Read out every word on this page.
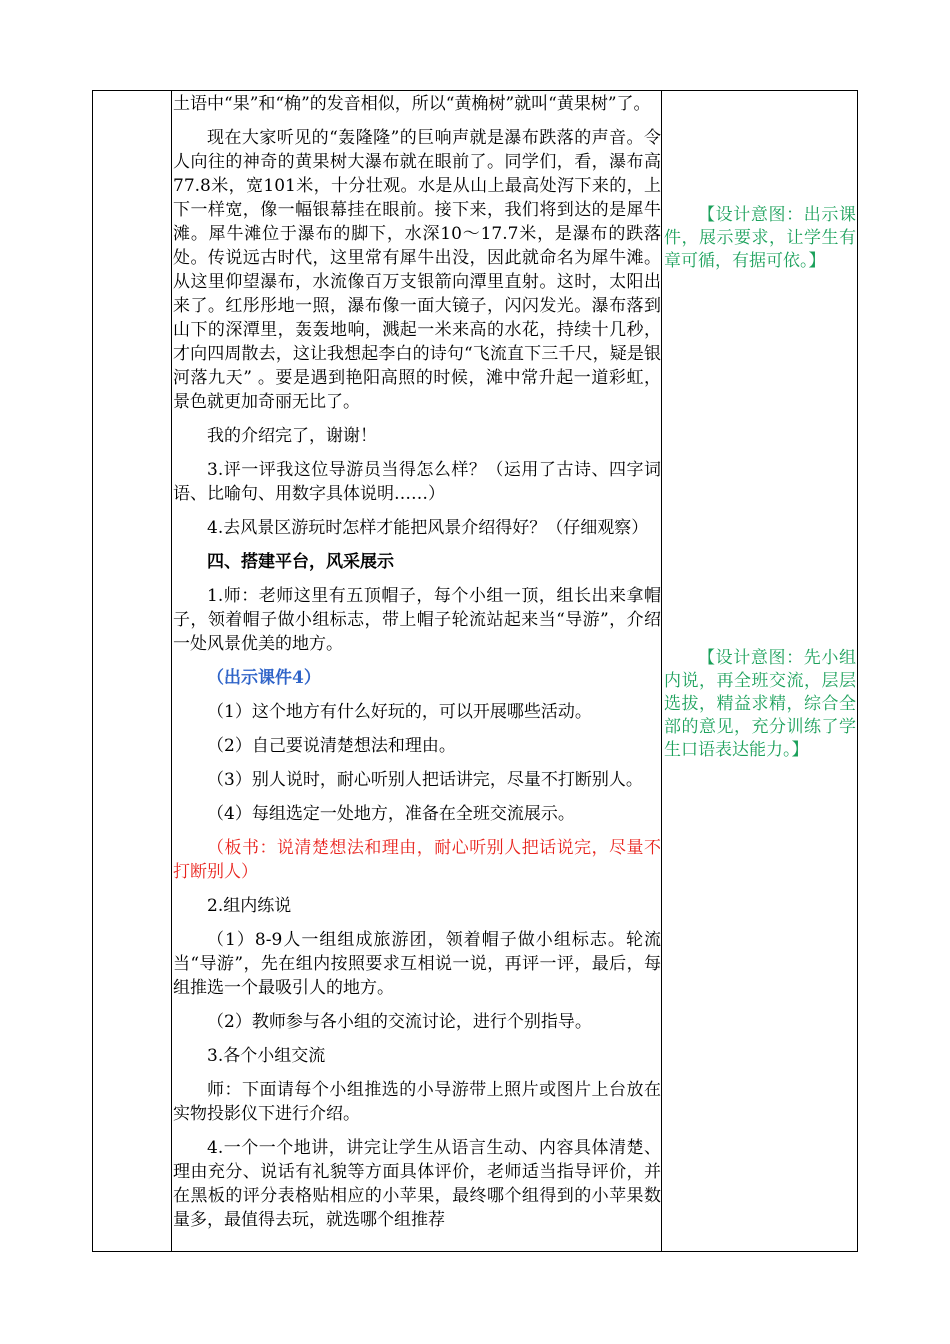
土语中“果”和“桷”的发音相似，所以“黄桷树”就叫“黄果树”了。

现在大家听见的“轰隆隆”的巨响声就是瀑布跌落的声音。令人向往的神奇的黄果树大瀑布就在眼前了。同学们，看，瀑布高77.8米，宽101米，十分壮观。水是从山上最高处泻下来的，上下一样宽，像一幅银幕挂在眼前。接下来，我们将到达的是犀牛滩。犀牛滩位于瀑布的脚下，水深10～17.7米，是瀑布的跌落处。传说远古时代，这里常有犀牛出没，因此就命名为犀牛滩。从这里仰望瀑布，水流像百万支银箭向潭里直射。这时，太阳出来了。红彤彤地一照，瀑布像一面大镜子，闪闪发光。瀑布落到山下的深潭里，轰轰地响，溅起一米来高的水花，持续十几秒，才向四周散去，这让我想起李白的诗句“飞流直下三千尺，疑是银河落九天” 。要是遇到艳阳高照的时候，滩中常升起一道彩虹，景色就更加奇丽无比了。

我的介绍完了，谢谢！

3.评一评我这位导游员当得怎么样？（运用了古诗、四字词语、比喻句、用数字具体说明……）

4.去风景区游玩时怎样才能把风景介绍得好？（仔细观察）

四、搭建平台，风采展示

1.师：老师这里有五顶帽子，每个小组一顶，组长出来拿帽子，领着帽子做小组标志，带上帽子轮流站起来当“导游”，介绍一处风景优美的地方。

（出示课件4）

（1）这个地方有什么好玩的，可以开展哪些活动。

（2）自己要说清楚想法和理由。

（3）别人说时，耐心听别人把话讲完，尽量不打断别人。

（4）每组选定一处地方，准备在全班交流展示。

（板书：说清楚想法和理由，耐心听别人把话说完，尽量不打断别人）

2.组内练说

（1）8-9人一组组成旅游团，领着帽子做小组标志。轮流当“导游”，先在组内按照要求互相说一说，再评一评，最后，每组推选一个最吸引人的地方。

（2）教师参与各小组的交流讨论，进行个别指导。

3.各个小组交流

师：下面请每个小组推选的小导游带上照片或图片上台放在实物投影仪下进行介绍。

4.一个一个地讲，讲完让学生从语言生动、内容具体清楚、理由充分、说话有礼貌等方面具体评价，老师适当指导评价，并在黑板的评分表格贴相应的小苹果，最终哪个组得到的小苹果数量多，最值得去玩，就选哪个组推荐

【设计意图：出示课件，展示要求，让学生有章可循，有据可依。】

【设计意图：先小组内说，再全班交流，层层选拔，精益求精，综合全部的意见，充分训练了学生口语表达能力。】
